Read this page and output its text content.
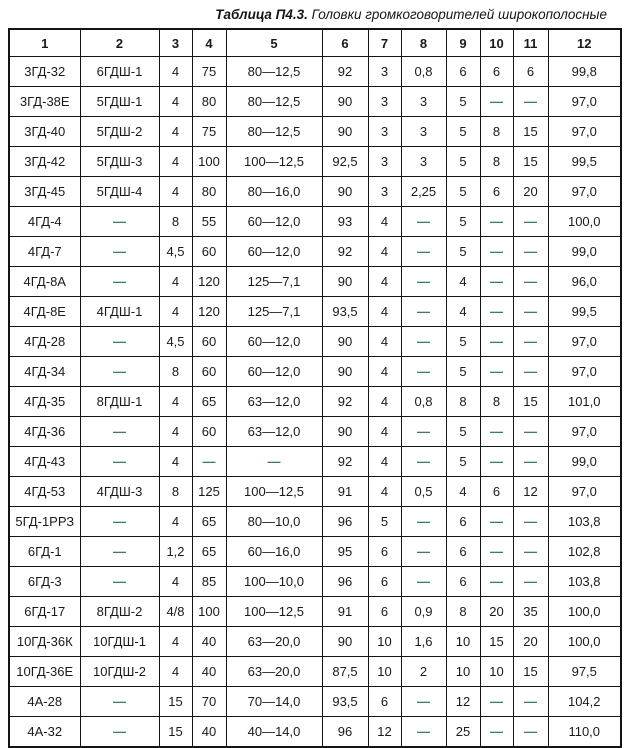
Таблица П4.3. Головки громкоговорителей широкополосные
1	2	3	4	5	6	7	8	9	10	11	12
3ГД-32	6ГДШ-1	4	75	80—12,5	92	3	0,8	6	6	6	99,8
3ГД-38Е	5ГДШ-1	4	80	80—12,5	90	3	3	5	—	—	97,0
3ГД-40	5ГДШ-2	4	75	80—12,5	90	3	3	5	8	15	97,0
3ГД-42	5ГДШ-3	4	100	100—12,5	92,5	3	3	5	8	15	99,5
3ГД-45	5ГДШ-4	4	80	80—16,0	90	3	2,25	5	6	20	97,0
4ГД-4	—	8	55	60—12,0	93	4	—	5	—	—	100,0
4ГД-7	—	4,5	60	60—12,0	92	4	—	5	—	—	99,0
4ГД-8А	—	4	120	125—7,1	90	4	—	4	—	—	96,0
4ГД-8Е	4ГДШ-1	4	120	125—7,1	93,5	4	—	4	—	—	99,5
4ГД-28	—	4,5	60	60—12,0	90	4	—	5	—	—	97,0
4ГД-34	—	8	60	60—12,0	90	4	—	5	—	—	97,0
4ГД-35	8ГДШ-1	4	65	63—12,0	92	4	0,8	8	8	15	101,0
4ГД-36	—	4	60	63—12,0	90	4	—	5	—	—	97,0
4ГД-43	—	4	—	—	92	4	—	5	—	—	99,0
4ГД-53	4ГДШ-3	8	125	100—12,5	91	4	0,5	4	6	12	97,0
5ГД-1РРЗ	—	4	65	80—10,0	96	5	—	6	—	—	103,8
6ГД-1	—	1,2	65	60—16,0	95	6	—	6	—	—	102,8
6ГД-3	—	4	85	100—10,0	96	6	—	6	—	—	103,8
6ГД-17	8ГДШ-2	4/8	100	100—12,5	91	6	0,9	8	20	35	100,0
10ГД-36К	10ГДШ-1	4	40	63—20,0	90	10	1,6	10	15	20	100,0
10ГД-36Е	10ГДШ-2	4	40	63—20,0	87,5	10	2	10	10	15	97,5
4А-28	—	15	70	70—14,0	93,5	6	—	12	—	—	104,2
4А-32	—	15	40	40—14,0	96	12	—	25	—	—	110,0
